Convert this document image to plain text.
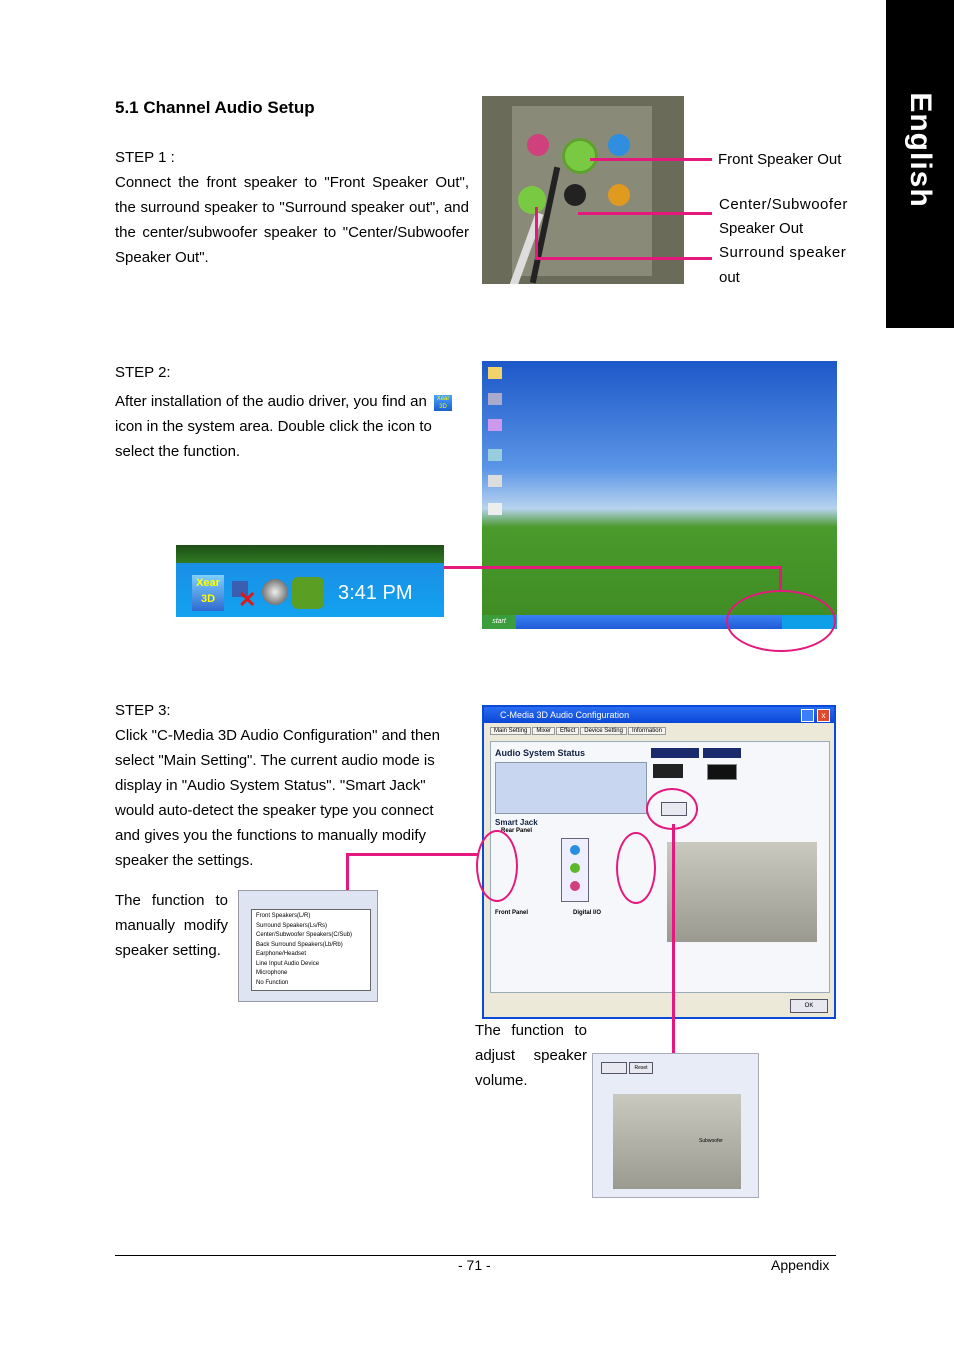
English
5.1 Channel Audio Setup
STEP 1 :
Connect the front speaker to "Front Speaker Out", the surround speaker to "Surround speaker out", and the center/subwoofer speaker to "Center/Subwoofer Speaker Out".
Front Speaker Out
Center/Subwoofer
Speaker Out
Surround speaker
out
STEP 2:
After installation of the audio driver, you find an Xear
3D icon in the system area. Double click the icon to select the function.
start
Xear 3D	✕	3:41 PM
STEP 3:
Click "C-Media 3D Audio Configuration" and then select "Main Setting". The current audio mode is display in "Audio System Status". "Smart Jack" would auto-detect the speaker type you connect and gives you the functions to manually modify speaker the settings.
C-Media 3D Audio Configuration	x
Main Setting Mixer Effect Device Setting Information
Audio System Status
Smart Jack
Rear Panel
Front Panel	Digital I/O
OK
The function to manually modify speaker setting.
Front Speakers(L/R)
Surround Speakers(Ls/Rs)
Center/Subwoofer Speakers(C/Sub)
Back Surround Speakers(Lb/Rb)
Earphone/Headset
Line Input Audio Device
Microphone
No Function
The function to adjust speaker volume.
Reset
Subwoofer
- 71 -	Appendix
